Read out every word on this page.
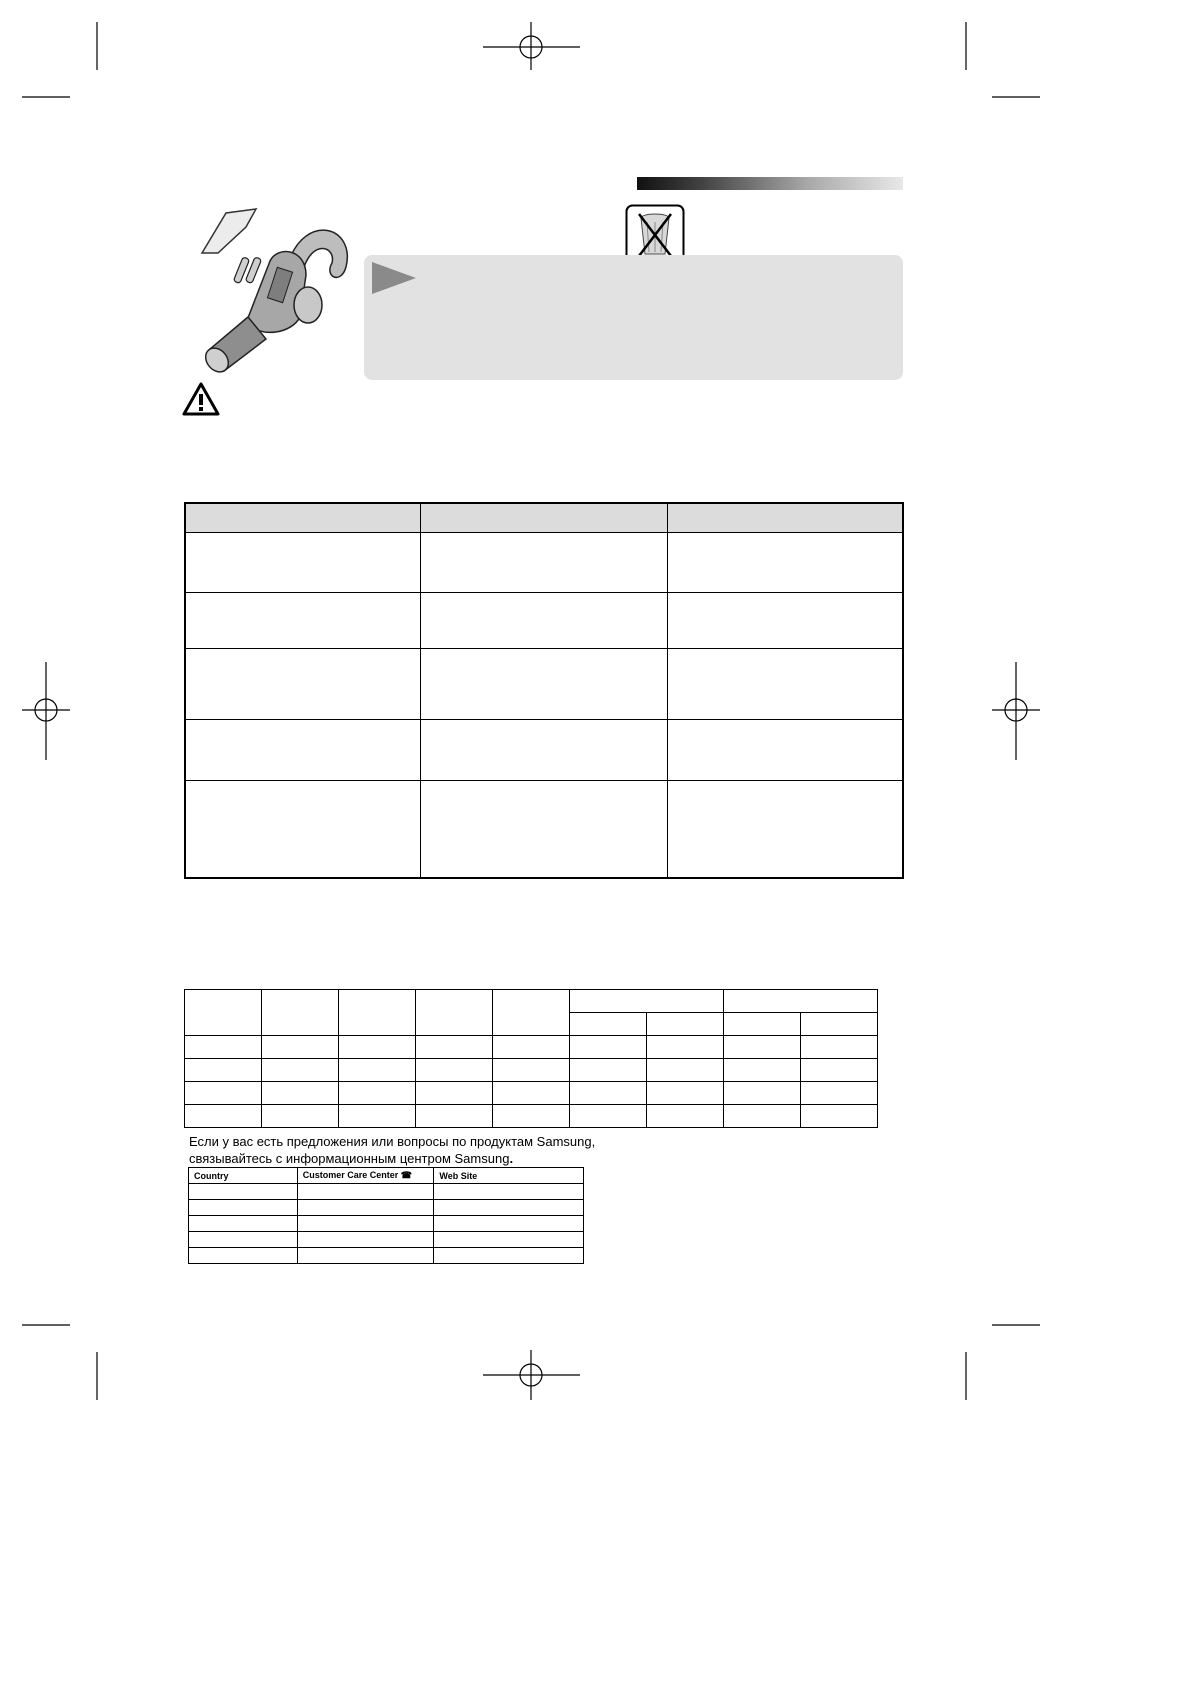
Если у вас есть предложения или вопросы по продуктам Samsung,
связывайтесь с информационным центром Samsung.
Country	Customer Care Center ☎	Web Site
